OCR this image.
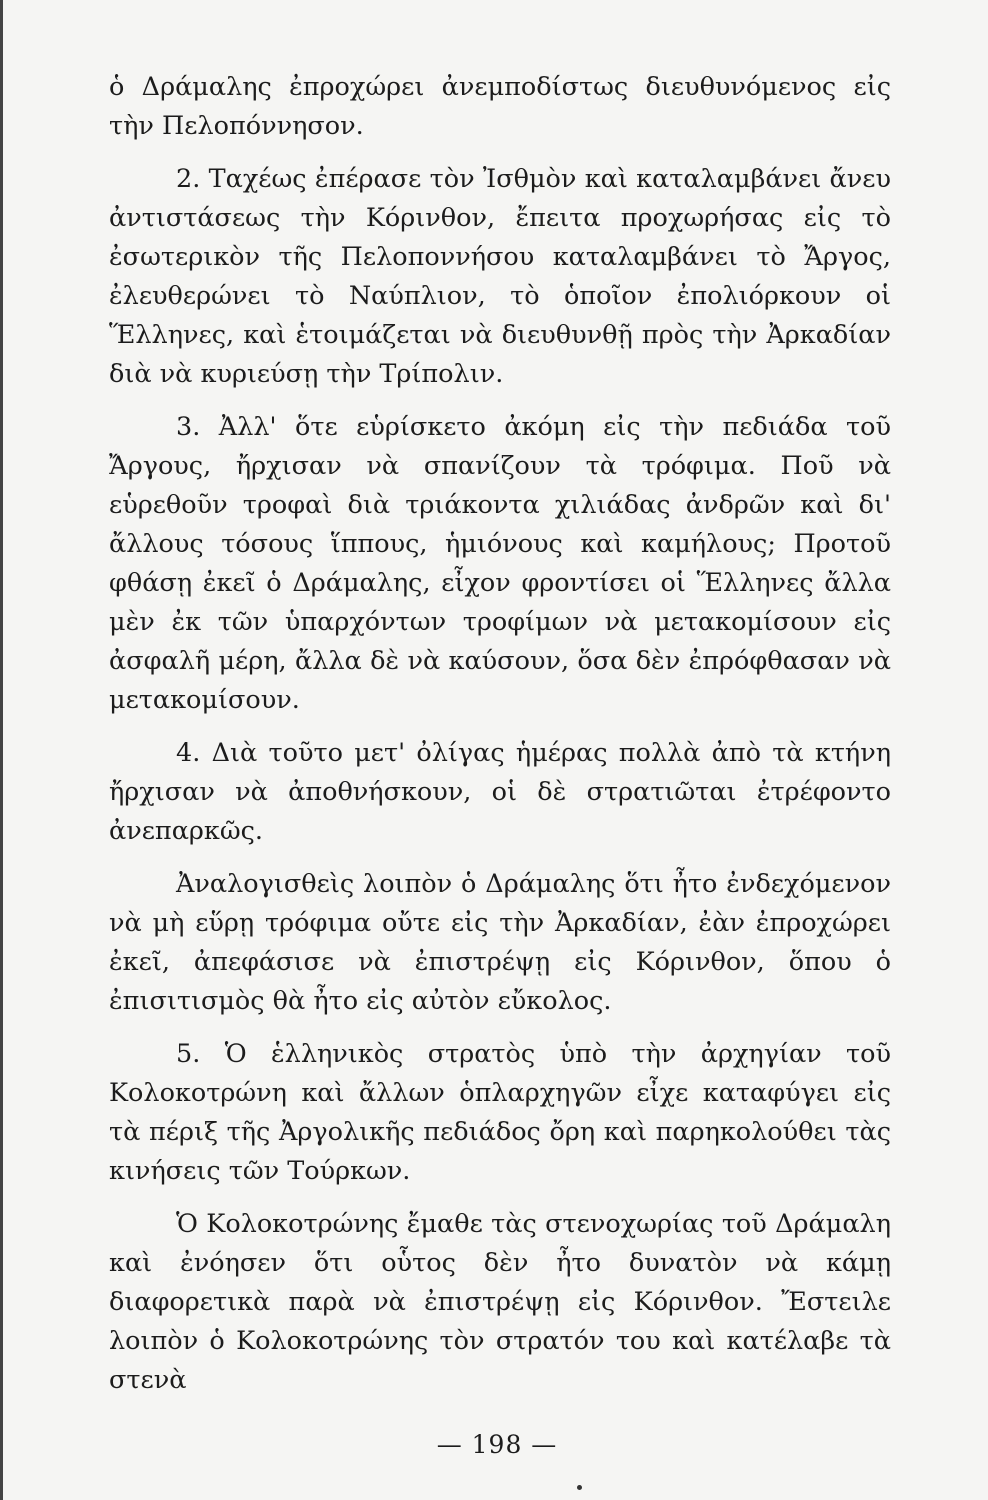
ὁ Δράμαλης ἐπροχώρει ἀνεμποδίστως διευθυνόμενος εἰς τὴν Πελοπόννησον.

2. Ταχέως ἐπέρασε τὸν Ἰσθμὸν καὶ καταλαμβάνει ἄνευ ἀντιστάσεως τὴν Κόρινθον, ἔπειτα προχωρήσας εἰς τὸ ἐσωτερικὸν τῆς Πελοποννήσου καταλαμβάνει τὸ Ἄργος, ἐλευθερώνει τὸ Ναύπλιον, τὸ ὁποῖον ἐπολιόρκουν οἱ Ἕλληνες, καὶ ἑτοιμάζεται νὰ διευθυνθῇ πρὸς τὴν Ἀρκαδίαν διὰ νὰ κυριεύσῃ τὴν Τρίπολιν.

3. Ἀλλ' ὅτε εὑρίσκετο ἀκόμη εἰς τὴν πεδιάδα τοῦ Ἄργους, ἤρχισαν νὰ σπανίζουν τὰ τρόφιμα. Ποῦ νὰ εὑρεθοῦν τροφαὶ διὰ τριάκοντα χιλιάδας ἀνδρῶν καὶ δι' ἄλλους τόσους ἵππους, ἡμιόνους καὶ καμήλους; Προτοῦ φθάσῃ ἐκεῖ ὁ Δράμαλης, εἶχον φροντίσει οἱ Ἕλληνες ἄλλα μὲν ἐκ τῶν ὑπαρχόντων τροφίμων νὰ μετακομίσουν εἰς ἀσφαλῆ μέρη, ἄλλα δὲ νὰ καύσουν, ὅσα δὲν ἐπρόφθασαν νὰ μετακομίσουν.

4. Διὰ τοῦτο μετ' ὀλίγας ἡμέρας πολλὰ ἀπὸ τὰ κτήνη ἤρχισαν νὰ ἀποθνήσκουν, οἱ δὲ στρατιῶται ἐτρέφοντο ἀνεπαρκῶς.

Ἀναλογισθεὶς λοιπὸν ὁ Δράμαλης ὅτι ἦτο ἐνδεχόμενον νὰ μὴ εὕρῃ τρόφιμα οὔτε εἰς τὴν Ἀρκαδίαν, ἐὰν ἐπροχώρει ἐκεῖ, ἀπεφάσισε νὰ ἐπιστρέψῃ εἰς Κόρινθον, ὅπου ὁ ἐπισιτισμὸς θὰ ἦτο εἰς αὐτὸν εὔκολος.

5. Ὁ ἑλληνικὸς στρατὸς ὑπὸ τὴν ἀρχηγίαν τοῦ Κολοκοτρώνη καὶ ἄλλων ὁπλαρχηγῶν εἶχε καταφύγει εἰς τὰ πέριξ τῆς Ἀργολικῆς πεδιάδος ὄρη καὶ παρηκολούθει τὰς κινήσεις τῶν Τούρκων.

Ὁ Κολοκοτρώνης ἔμαθε τὰς στενοχωρίας τοῦ Δράμαλη καὶ ἐνόησεν ὅτι οὗτος δὲν ἦτο δυνατὸν νὰ κάμῃ διαφορετικὰ παρὰ νὰ ἐπιστρέψῃ εἰς Κόρινθον. Ἔστειλε λοιπὸν ὁ Κολοκοτρώνης τὸν στρατόν του καὶ κατέλαβε τὰ στενὰ

— 198 —
